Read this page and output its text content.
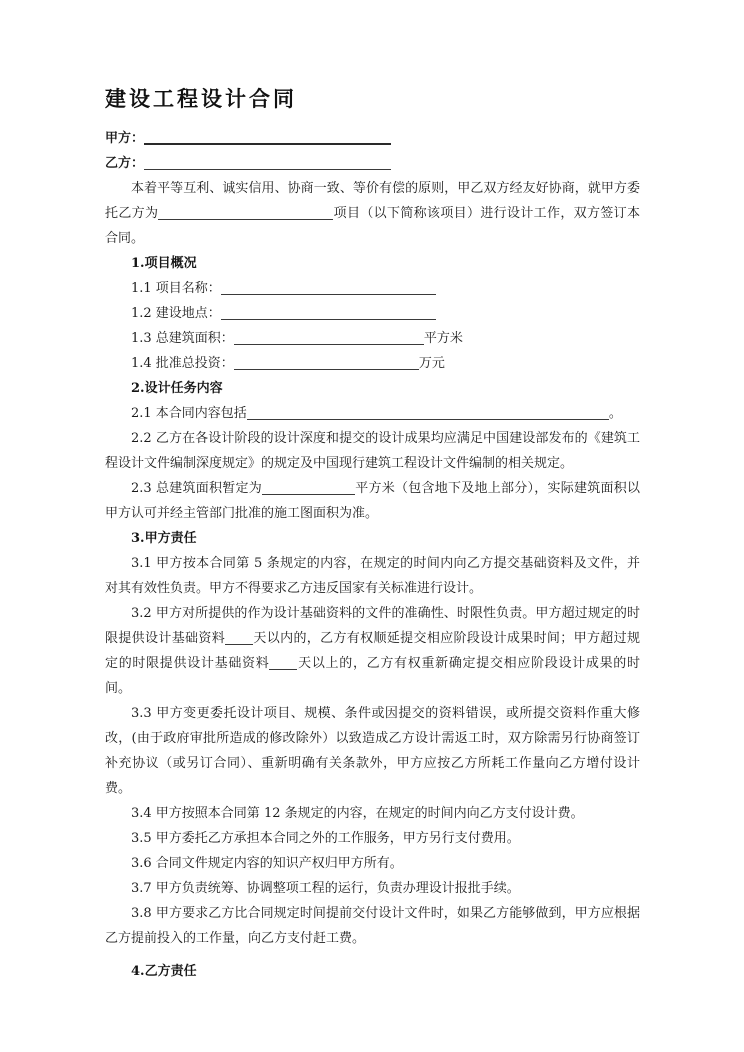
建设工程设计合同
甲方：
乙方：
本着平等互利、诚实信用、协商一致、等价有偿的原则，甲乙双方经友好协商，就甲方委托乙方为	项目（以下简称该项目）进行设计工作，双方签订本合同。
1.项目概况
1.1 项目名称：
1.2 建设地点：
1.3 总建筑面积：	平方米
1.4 批准总投资：	万元
2.设计任务内容
2.1 本合同内容包括	。
2.2 乙方在各设计阶段的设计深度和提交的设计成果均应满足中国建设部发布的《建筑工程设计文件编制深度规定》的规定及中国现行建筑工程设计文件编制的相关规定。
2.3 总建筑面积暂定为	平方米（包含地下及地上部分），实际建筑面积以甲方认可并经主管部门批准的施工图面积为准。
3.甲方责任
3.1 甲方按本合同第 5 条规定的内容，在规定的时间内向乙方提交基础资料及文件，并对其有效性负责。甲方不得要求乙方违反国家有关标准进行设计。
3.2 甲方对所提供的作为设计基础资料的文件的准确性、时限性负责。甲方超过规定的时限提供设计基础资料 天以内的，乙方有权顺延提交相应阶段设计成果时间；甲方超过规定的时限提供设计基础资料 天以上的，乙方有权重新确定提交相应阶段设计成果的时间。
3.3 甲方变更委托设计项目、规模、条件或因提交的资料错误，或所提交资料作重大修改，(由于政府审批所造成的修改除外）以致造成乙方设计需返工时，双方除需另行协商签订补充协议（或另订合同）、重新明确有关条款外，甲方应按乙方所耗工作量向乙方增付设计费。
3.4 甲方按照本合同第 12 条规定的内容，在规定的时间内向乙方支付设计费。
3.5 甲方委托乙方承担本合同之外的工作服务，甲方另行支付费用。
3.6 合同文件规定内容的知识产权归甲方所有。
3.7 甲方负责统筹、协调整项工程的运行，负责办理设计报批手续。
3.8 甲方要求乙方比合同规定时间提前交付设计文件时，如果乙方能够做到，甲方应根据乙方提前投入的工作量，向乙方支付赶工费。
4.乙方责任
